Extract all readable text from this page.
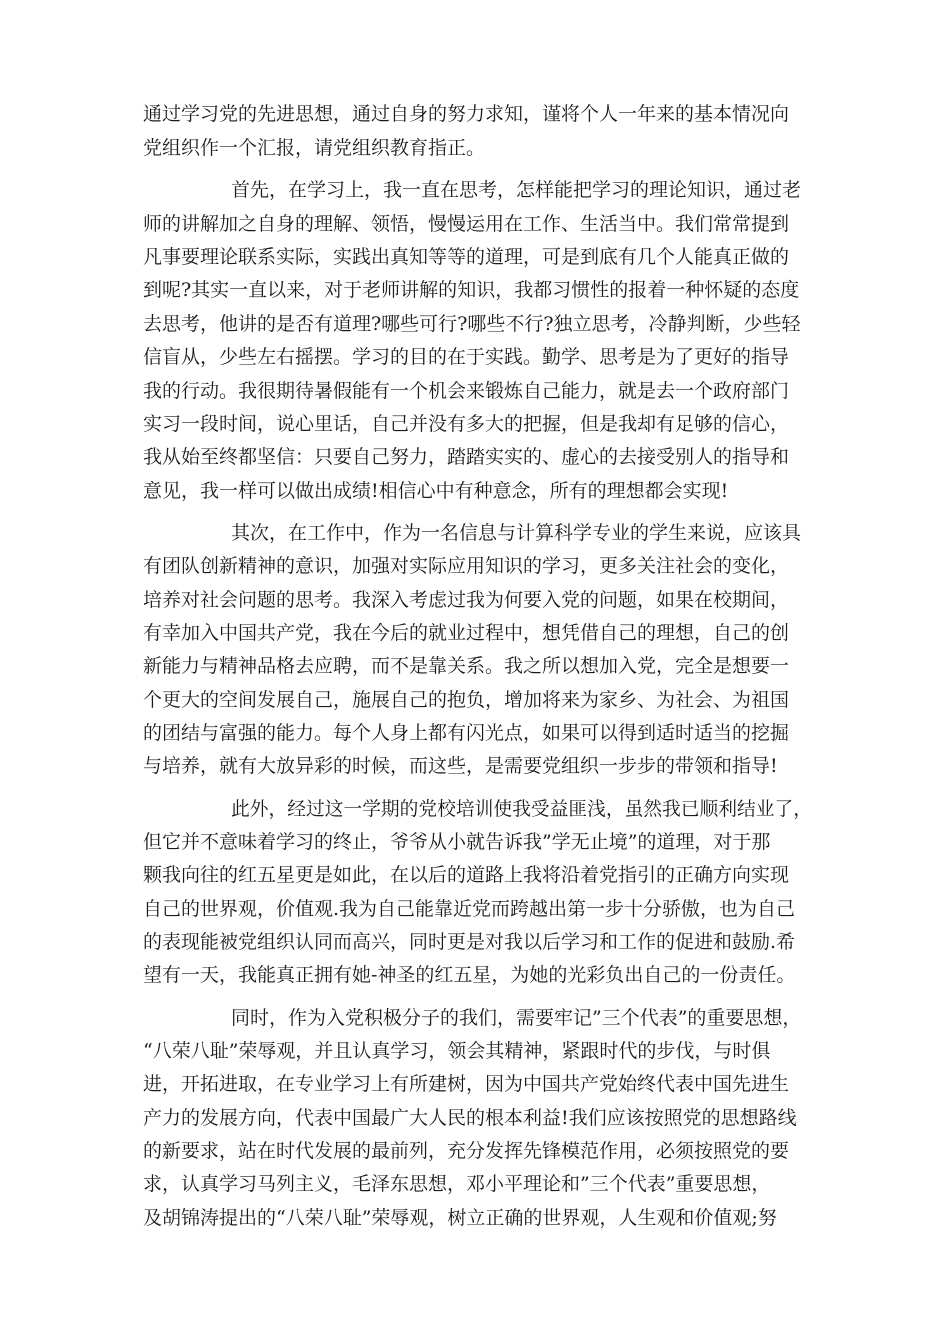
通过学习党的先进思想，通过自身的努力求知，谨将个人一年来的基本情况向
党组织作一个汇报，请党组织教育指正。
首先，在学习上，我一直在思考，怎样能把学习的理论知识，通过老
师的讲解加之自身的理解、领悟，慢慢运用在工作、生活当中。我们常常提到
凡事要理论联系实际，实践出真知等等的道理，可是到底有几个人能真正做的
到呢?其实一直以来，对于老师讲解的知识，我都习惯性的报着一种怀疑的态度
去思考，他讲的是否有道理?哪些可行?哪些不行?独立思考，冷静判断，少些轻
信盲从，少些左右摇摆。学习的目的在于实践。勤学、思考是为了更好的指导
我的行动。我很期待暑假能有一个机会来锻炼自己能力，就是去一个政府部门
实习一段时间，说心里话，自己并没有多大的把握，但是我却有足够的信心，
我从始至终都坚信：只要自己努力，踏踏实实的、虚心的去接受别人的指导和
意见，我一样可以做出成绩!相信心中有种意念，所有的理想都会实现!
其次，在工作中，作为一名信息与计算科学专业的学生来说，应该具
有团队创新精神的意识，加强对实际应用知识的学习，更多关注社会的变化，
培养对社会问题的思考。我深入考虑过我为何要入党的问题，如果在校期间，
有幸加入中国共产党，我在今后的就业过程中，想凭借自己的理想，自己的创
新能力与精神品格去应聘，而不是靠关系。我之所以想加入党，完全是想要一
个更大的空间发展自己，施展自己的抱负，增加将来为家乡、为社会、为祖国
的团结与富强的能力。每个人身上都有闪光点，如果可以得到适时适当的挖掘
与培养，就有大放异彩的时候，而这些，是需要党组织一步步的带领和指导!
此外，经过这一学期的党校培训使我受益匪浅，虽然我已顺利结业了，
但它并不意味着学习的终止，爷爷从小就告诉我”学无止境”的道理，对于那
颗我向往的红五星更是如此，在以后的道路上我将沿着党指引的正确方向实现
自己的世界观，价值观.我为自己能靠近党而跨越出第一步十分骄傲，也为自己
的表现能被党组织认同而高兴，同时更是对我以后学习和工作的促进和鼓励.希
望有一天，我能真正拥有她-神圣的红五星，为她的光彩负出自己的一份责任。
同时，作为入党积极分子的我们，需要牢记”三个代表”的重要思想，
“八荣八耻”荣辱观，并且认真学习，领会其精神，紧跟时代的步伐，与时俱
进，开拓进取，在专业学习上有所建树，因为中国共产党始终代表中国先进生
产力的发展方向，代表中国最广大人民的根本利益!我们应该按照党的思想路线
的新要求，站在时代发展的最前列，充分发挥先锋模范作用，必须按照党的要
求，认真学习马列主义，毛泽东思想，邓小平理论和”三个代表”重要思想，
及胡锦涛提出的“八荣八耻”荣辱观，树立正确的世界观，人生观和价值观;努
